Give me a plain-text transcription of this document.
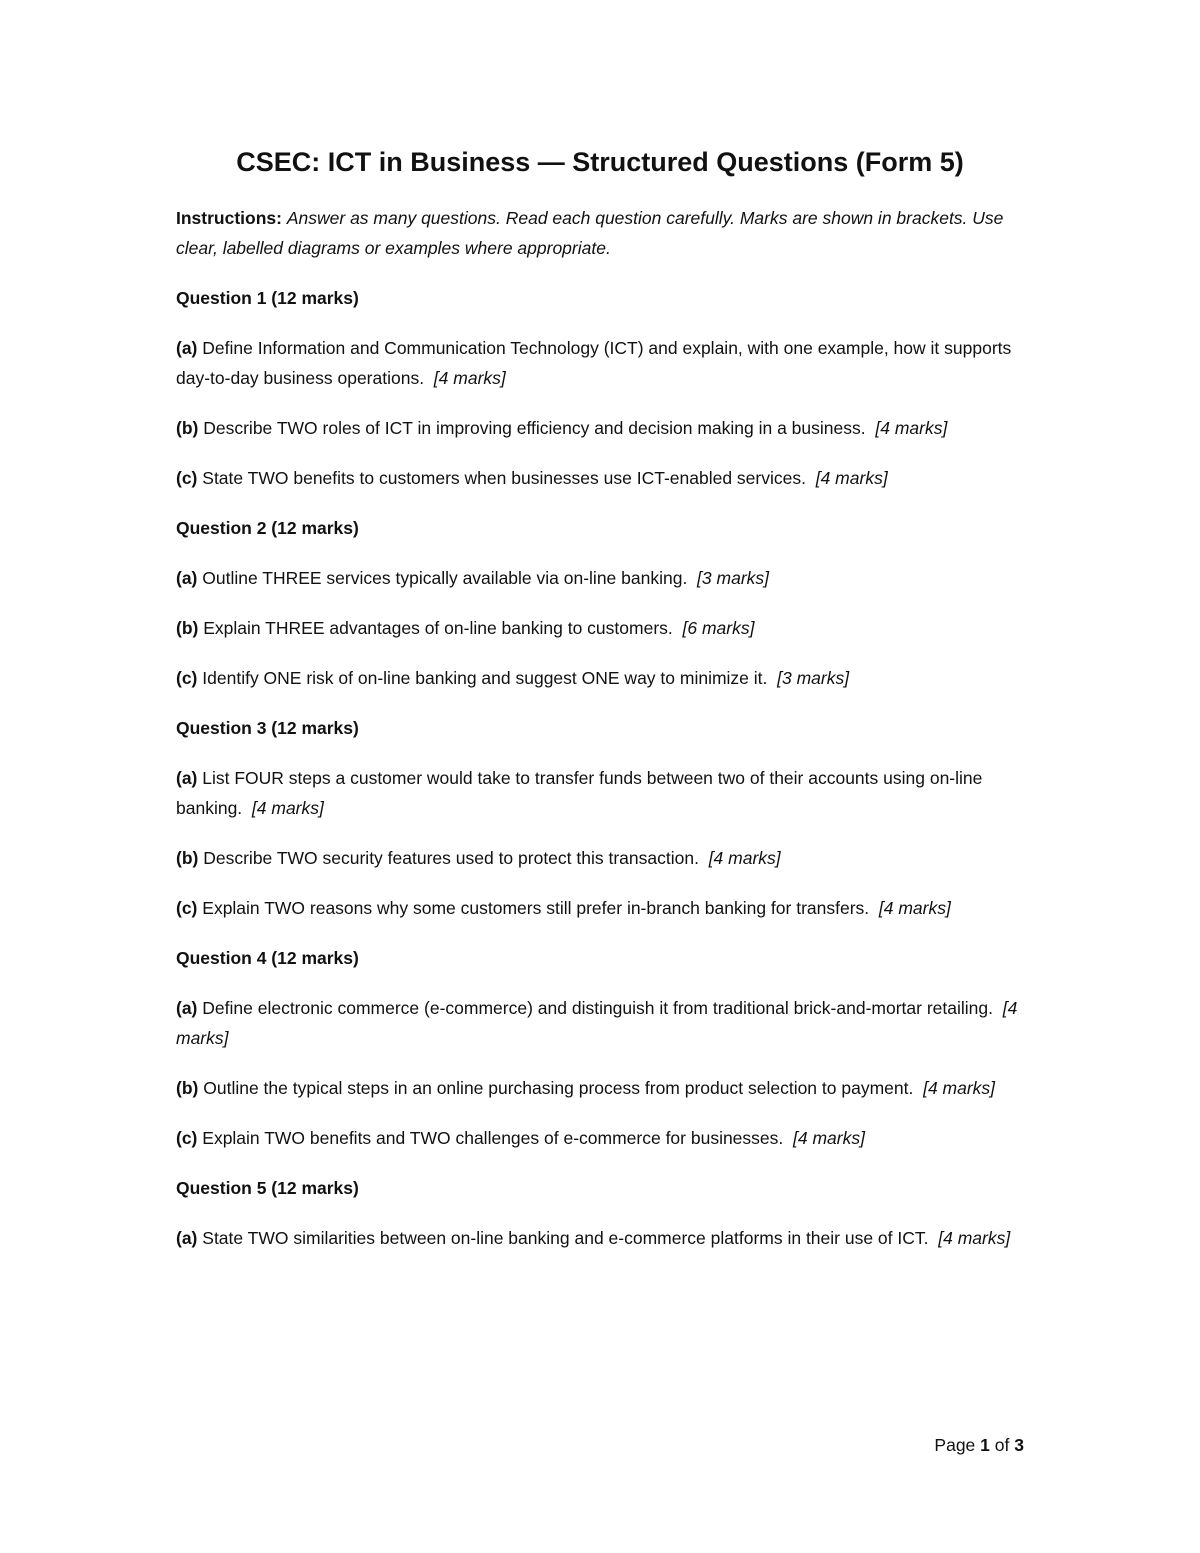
CSEC: ICT in Business — Structured Questions (Form 5)

Instructions: Answer as many questions. Read each question carefully. Marks are shown in brackets. Use clear, labelled diagrams or examples where appropriate.

Question 1 (12 marks)

(a) Define Information and Communication Technology (ICT) and explain, with one example, how it supports day-to-day business operations. [4 marks]

(b) Describe TWO roles of ICT in improving efficiency and decision making in a business. [4 marks]

(c) State TWO benefits to customers when businesses use ICT-enabled services. [4 marks]

Question 2 (12 marks)

(a) Outline THREE services typically available via on-line banking. [3 marks]

(b) Explain THREE advantages of on-line banking to customers. [6 marks]

(c) Identify ONE risk of on-line banking and suggest ONE way to minimize it. [3 marks]

Question 3 (12 marks)

(a) List FOUR steps a customer would take to transfer funds between two of their accounts using on-line banking. [4 marks]

(b) Describe TWO security features used to protect this transaction. [4 marks]

(c) Explain TWO reasons why some customers still prefer in-branch banking for transfers. [4 marks]

Question 4 (12 marks)

(a) Define electronic commerce (e-commerce) and distinguish it from traditional brick-and-mortar retailing. [4 marks]

(b) Outline the typical steps in an online purchasing process from product selection to payment. [4 marks]

(c) Explain TWO benefits and TWO challenges of e-commerce for businesses. [4 marks]

Question 5 (12 marks)

(a) State TWO similarities between on-line banking and e-commerce platforms in their use of ICT. [4 marks]

Page 1 of 3
